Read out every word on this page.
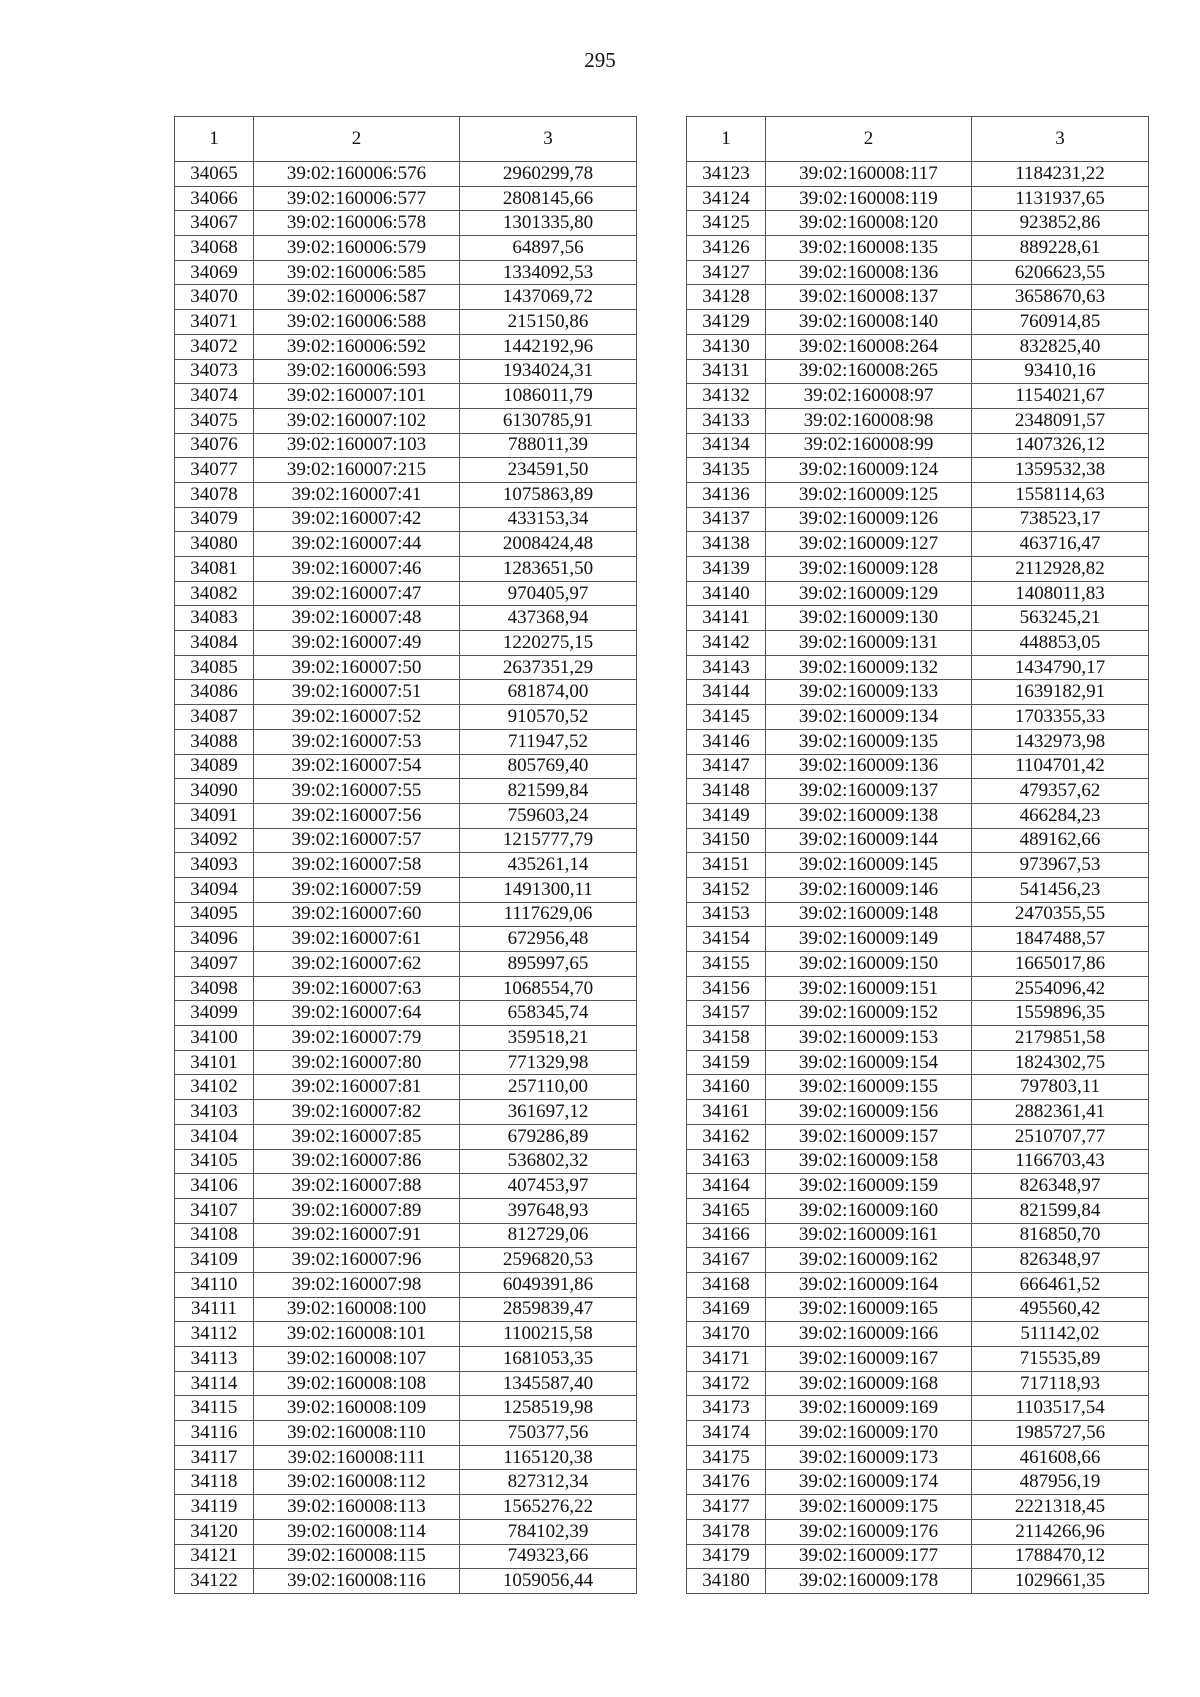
295
1	2	3
34065	39:02:160006:576	2960299,78
34066	39:02:160006:577	2808145,66
34067	39:02:160006:578	1301335,80
34068	39:02:160006:579	64897,56
34069	39:02:160006:585	1334092,53
34070	39:02:160006:587	1437069,72
34071	39:02:160006:588	215150,86
34072	39:02:160006:592	1442192,96
34073	39:02:160006:593	1934024,31
34074	39:02:160007:101	1086011,79
34075	39:02:160007:102	6130785,91
34076	39:02:160007:103	788011,39
34077	39:02:160007:215	234591,50
34078	39:02:160007:41	1075863,89
34079	39:02:160007:42	433153,34
34080	39:02:160007:44	2008424,48
34081	39:02:160007:46	1283651,50
34082	39:02:160007:47	970405,97
34083	39:02:160007:48	437368,94
34084	39:02:160007:49	1220275,15
34085	39:02:160007:50	2637351,29
34086	39:02:160007:51	681874,00
34087	39:02:160007:52	910570,52
34088	39:02:160007:53	711947,52
34089	39:02:160007:54	805769,40
34090	39:02:160007:55	821599,84
34091	39:02:160007:56	759603,24
34092	39:02:160007:57	1215777,79
34093	39:02:160007:58	435261,14
34094	39:02:160007:59	1491300,11
34095	39:02:160007:60	1117629,06
34096	39:02:160007:61	672956,48
34097	39:02:160007:62	895997,65
34098	39:02:160007:63	1068554,70
34099	39:02:160007:64	658345,74
34100	39:02:160007:79	359518,21
34101	39:02:160007:80	771329,98
34102	39:02:160007:81	257110,00
34103	39:02:160007:82	361697,12
34104	39:02:160007:85	679286,89
34105	39:02:160007:86	536802,32
34106	39:02:160007:88	407453,97
34107	39:02:160007:89	397648,93
34108	39:02:160007:91	812729,06
34109	39:02:160007:96	2596820,53
34110	39:02:160007:98	6049391,86
34111	39:02:160008:100	2859839,47
34112	39:02:160008:101	1100215,58
34113	39:02:160008:107	1681053,35
34114	39:02:160008:108	1345587,40
34115	39:02:160008:109	1258519,98
34116	39:02:160008:110	750377,56
34117	39:02:160008:111	1165120,38
34118	39:02:160008:112	827312,34
34119	39:02:160008:113	1565276,22
34120	39:02:160008:114	784102,39
34121	39:02:160008:115	749323,66
34122	39:02:160008:116	1059056,44
1	2	3
34123	39:02:160008:117	1184231,22
34124	39:02:160008:119	1131937,65
34125	39:02:160008:120	923852,86
34126	39:02:160008:135	889228,61
34127	39:02:160008:136	6206623,55
34128	39:02:160008:137	3658670,63
34129	39:02:160008:140	760914,85
34130	39:02:160008:264	832825,40
34131	39:02:160008:265	93410,16
34132	39:02:160008:97	1154021,67
34133	39:02:160008:98	2348091,57
34134	39:02:160008:99	1407326,12
34135	39:02:160009:124	1359532,38
34136	39:02:160009:125	1558114,63
34137	39:02:160009:126	738523,17
34138	39:02:160009:127	463716,47
34139	39:02:160009:128	2112928,82
34140	39:02:160009:129	1408011,83
34141	39:02:160009:130	563245,21
34142	39:02:160009:131	448853,05
34143	39:02:160009:132	1434790,17
34144	39:02:160009:133	1639182,91
34145	39:02:160009:134	1703355,33
34146	39:02:160009:135	1432973,98
34147	39:02:160009:136	1104701,42
34148	39:02:160009:137	479357,62
34149	39:02:160009:138	466284,23
34150	39:02:160009:144	489162,66
34151	39:02:160009:145	973967,53
34152	39:02:160009:146	541456,23
34153	39:02:160009:148	2470355,55
34154	39:02:160009:149	1847488,57
34155	39:02:160009:150	1665017,86
34156	39:02:160009:151	2554096,42
34157	39:02:160009:152	1559896,35
34158	39:02:160009:153	2179851,58
34159	39:02:160009:154	1824302,75
34160	39:02:160009:155	797803,11
34161	39:02:160009:156	2882361,41
34162	39:02:160009:157	2510707,77
34163	39:02:160009:158	1166703,43
34164	39:02:160009:159	826348,97
34165	39:02:160009:160	821599,84
34166	39:02:160009:161	816850,70
34167	39:02:160009:162	826348,97
34168	39:02:160009:164	666461,52
34169	39:02:160009:165	495560,42
34170	39:02:160009:166	511142,02
34171	39:02:160009:167	715535,89
34172	39:02:160009:168	717118,93
34173	39:02:160009:169	1103517,54
34174	39:02:160009:170	1985727,56
34175	39:02:160009:173	461608,66
34176	39:02:160009:174	487956,19
34177	39:02:160009:175	2221318,45
34178	39:02:160009:176	2114266,96
34179	39:02:160009:177	1788470,12
34180	39:02:160009:178	1029661,35
